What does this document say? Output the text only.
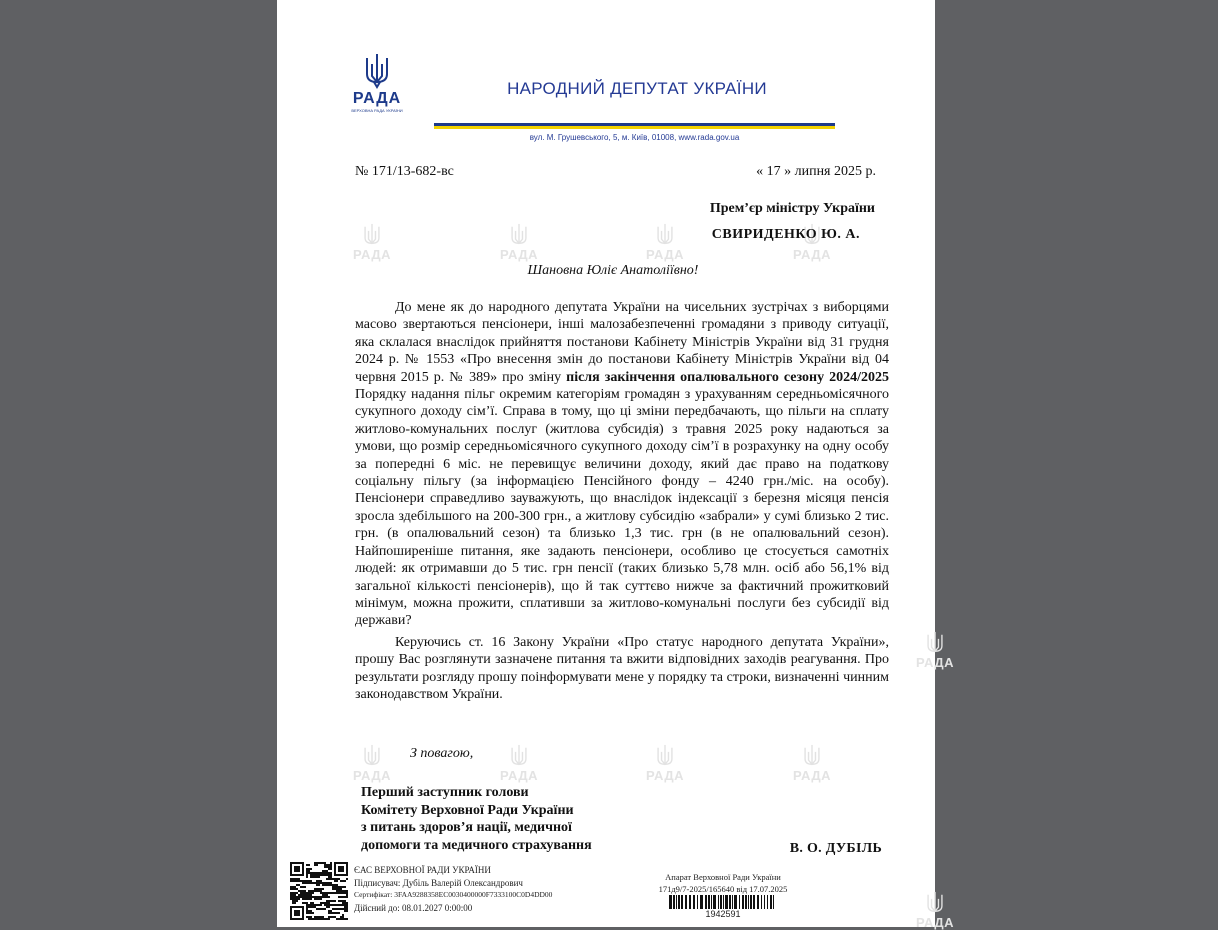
РАДА	РАДА	РАДА	РАДА
РАДА	РАДА	РАДА	РАДА
РАДА
РАДА
РАДА
ВЕРХОВНА РАДА УКРАЇНИ
НАРОДНИЙ ДЕПУТАТ УКРАЇНИ
вул. М. Грушевського, 5, м. Київ, 01008, www.rada.gov.ua
№ 171/13-682-вс	« 17 » липня 2025 р.
Прем’єр міністру України
СВИРИДЕНКО Ю. А.
Шановна Юліє Анатоліївно!

До мене як до народного депутата України на чисельних зустрічах з виборцями масово звертаються пенсіонери, інші малозабезпеченні громадяни з приводу ситуації, яка склалася внаслідок прийняття постанови Кабінету Міністрів України від 31 грудня 2024 р. № 1553 «Про внесення змін до постанови Кабінету Міністрів України від 04 червня 2015 р. № 389» про зміну після закінчення опалювального сезону 2024/2025 Порядку надання пільг окремим категоріям громадян з урахуванням середньомісячного сукупного доходу сім’ї. Справа в тому, що ці зміни передбачають, що пільги на сплату житлово-комунальних послуг (житлова субсидія) з травня 2025 року надаються за умови, що розмір середньомісячного сукупного доходу сім’ї в розрахунку на одну особу за попередні 6 міс. не перевищує величини доходу, який дає право на податкову соціальну пільгу (за інформацією Пенсійного фонду – 4240 грн./міс. на особу). Пенсіонери справедливо зауважують, що внаслідок індексації з березня місяця пенсія зросла здебільшого на 200-300 грн., а житлову субсидію «забрали» у сумі близько 2 тис. грн. (в опалювальний сезон) та близько 1,3 тис. грн (в не опалювальний сезон). Найпоширеніше питання, яке задають пенсіонери, особливо це стосується самотніх людей: як отримавши до 5 тис. грн пенсії (таких близько 5,78 млн. осіб або 56,1% від загальної кількості пенсіонерів), що й так суттєво нижче за фактичний прожитковий мінімум, можна прожити, сплативши за житлово-комунальні послуги без субсидії від держави?

Керуючись ст. 16 Закону України «Про статус народного депутата України», прошу Вас розглянути зазначене питання та вжити відповідних заходів реагування. Про результати розгляду прошу поінформувати мене у порядку та строки, визначенні чинним законодавством України.

З повагою,
Перший заступник голови
Комітету Верховної Ради України
з питань здоров’я нації, медичної
допомоги та медичного страхування	В. О. ДУБІЛЬ
ЄАС ВЕРХОВНОЇ РАДИ УКРАЇНИ
Підписувач: Дубіль Валерій Олександрович
Сертифікат: 3FAA9288358EC0030400000F7333100C0D4DD00
Дійсний до: 08.01.2027 0:00:00
Апарат Верховної Ради України
171д9/7-2025/165640 від 17.07.2025
1942591
